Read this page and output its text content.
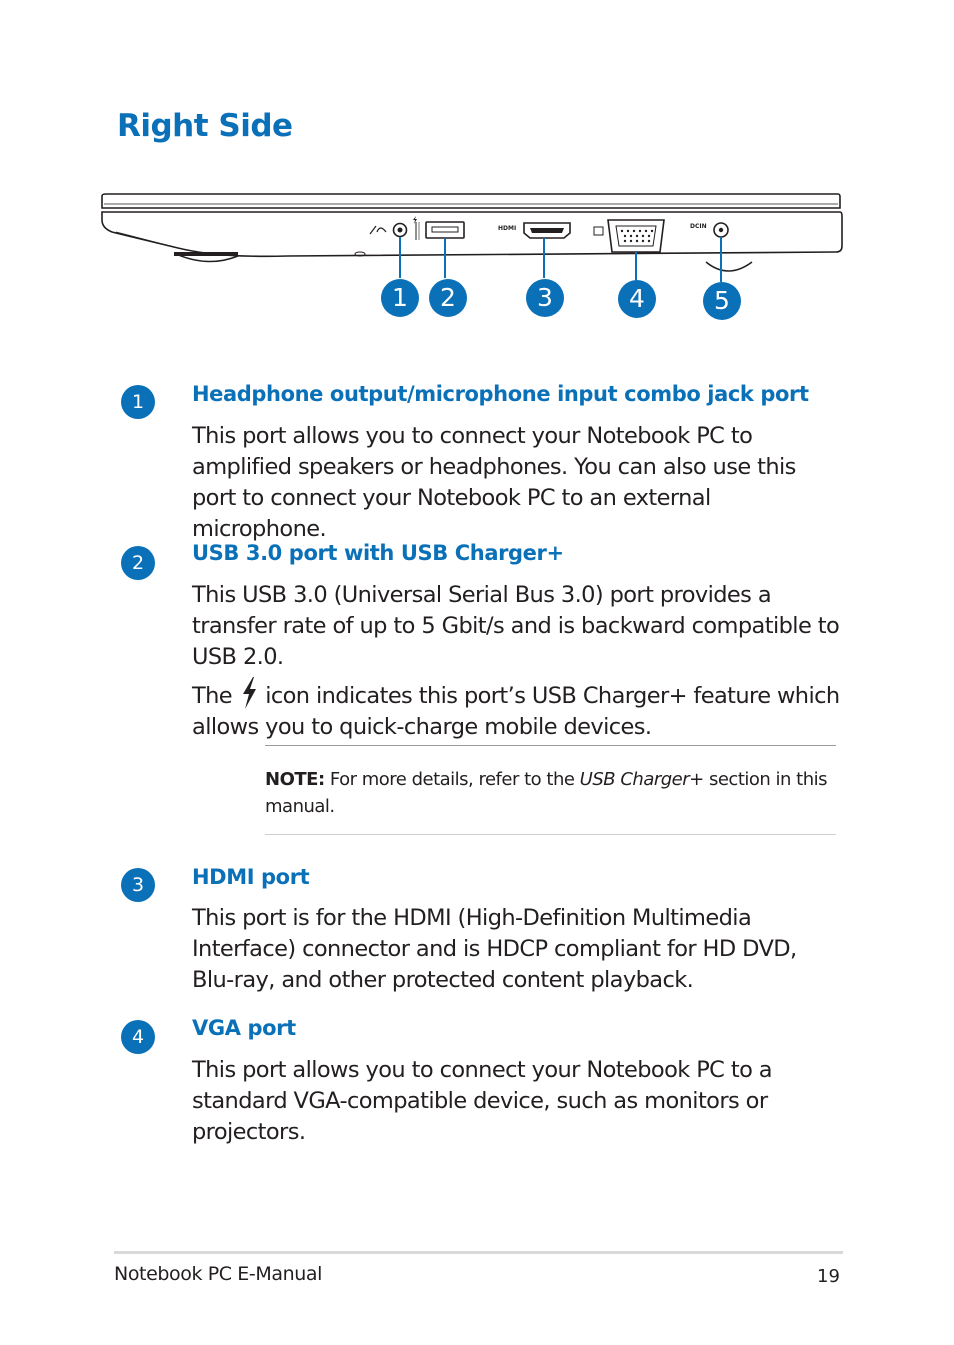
Right Side
HDMI	DCIN
1	2	3	4	5
1	Headphone output/microphone input combo jack port

This port allows you to connect your Notebook PC to amplified speakers or headphones. You can also use this port to connect your Notebook PC to an external microphone.

2	USB 3.0 port with USB Charger+

This USB 3.0 (Universal Serial Bus 3.0) port provides a transfer rate of up to 5 Gbit/s and is backward compatible to USB 2.0.
The icon indicates this port’s USB Charger+ feature which allows you to quick-charge mobile devices.

NOTE: For more details, refer to the USB Charger+ section in this manual.

3	HDMI port

This port is for the HDMI (High-Definition Multimedia Interface) connector and is HDCP compliant for HD DVD, Blu-ray, and other protected content playback.

4	VGA port

This port allows you to connect your Notebook PC to a standard VGA-compatible device, such as monitors or projectors.

Notebook PC E-Manual	19
